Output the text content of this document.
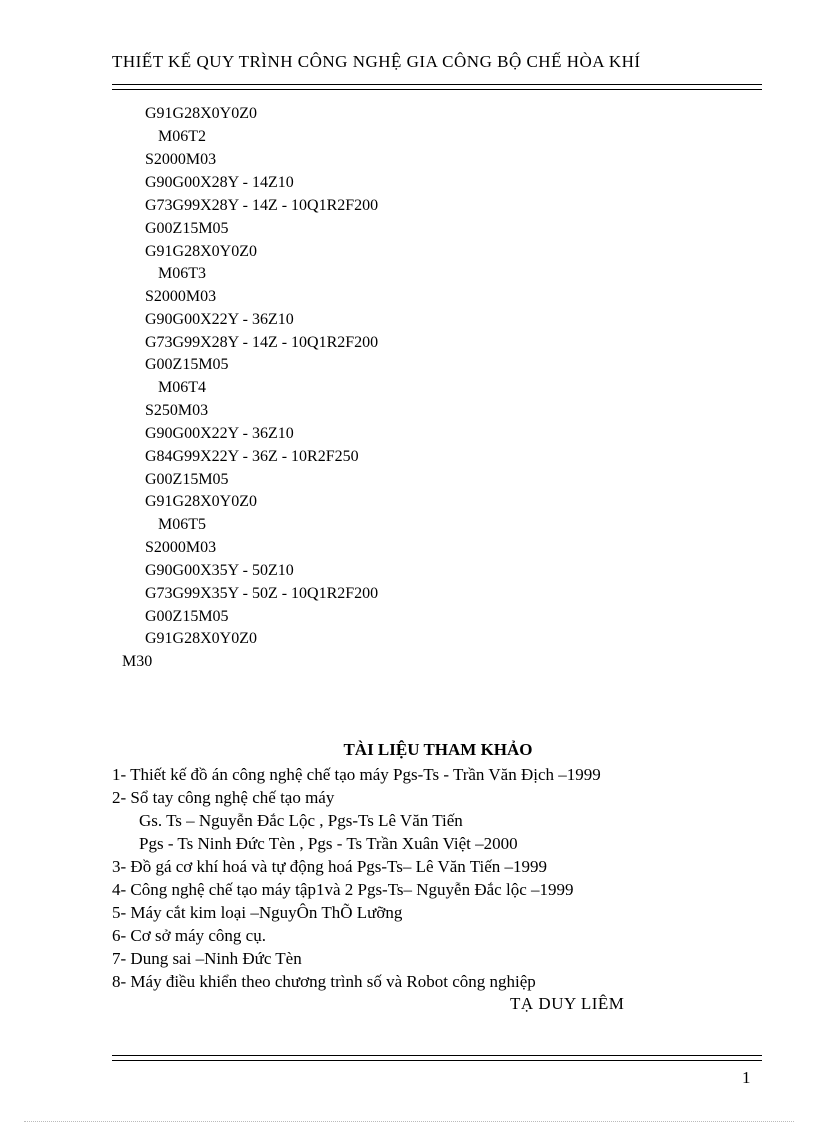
THIẾT KẾ QUY TRÌNH CÔNG NGHỆ GIA CÔNG BỘ CHẾ HÒA KHÍ
G91G28X0Y0Z0
M06T2
S2000M03
G90G00X28Y - 14Z10
G73G99X28Y - 14Z - 10Q1R2F200
G00Z15M05
G91G28X0Y0Z0
M06T3
S2000M03
G90G00X22Y - 36Z10
G73G99X28Y - 14Z - 10Q1R2F200
G00Z15M05
M06T4
S250M03
G90G00X22Y - 36Z10
G84G99X22Y - 36Z - 10R2F250
G00Z15M05
G91G28X0Y0Z0
M06T5
S2000M03
G90G00X35Y - 50Z10
G73G99X35Y - 50Z - 10Q1R2F200
G00Z15M05
G91G28X0Y0Z0
M30
TÀI LIỆU THAM KHẢO
1- Thiết kế đồ án công nghệ chế tạo máy Pgs-Ts - Trần Văn Địch –1999
2- Sổ tay công nghệ chế tạo máy
Gs. Ts – Nguyễn Đắc Lộc , Pgs-Ts Lê Văn Tiến
Pgs - Ts Ninh Đức Tèn , Pgs - Ts Trần Xuân Việt –2000
3- Đồ gá cơ khí hoá và tự động hoá Pgs-Ts– Lê Văn Tiến –1999
4- Công nghệ chế tạo máy tập1và 2 Pgs-Ts– Nguyễn Đắc lộc –1999
5- Máy cắt kim loại –NguyÔn ThÕ Lưỡng
6- Cơ sở máy công cụ.
7- Dung sai –Ninh Đức Tèn
8- Máy điều khiển theo chương trình số và Robot công nghiệp
TẠ DUY LIÊM
1
